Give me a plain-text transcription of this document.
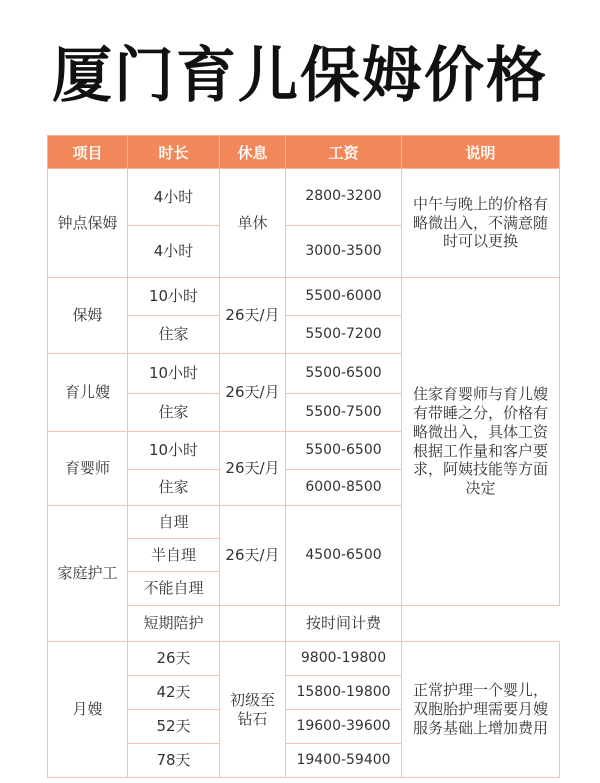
厦门育儿保姆价格
项目	时长	休息	工资	说明
钟点保姆	4小时	单休	2800-3200	中午与晚上的价格有略微出入，不满意随时可以更换
	4小时		3000-3500	
保姆	10小时	26天/月	5500-6000	住家育婴师与育儿嫂有带睡之分，价格有略微出入，具体工资根据工作量和客户要求，阿姨技能等方面决定
	住家		5500-7200	
育儿嫂	10小时	26天/月	5500-6500	
	住家		5500-7500	
育婴师	10小时	26天/月	5500-6500	
	住家		6000-8500	
家庭护工	自理	26天/月	4500-6500	
	半自理			
	不能自理			
	短期陪护		按时间计费	
月嫂	26天	初级至钻石	9800-19800	正常护理一个婴儿，双胞胎护理需要月嫂服务基础上增加费用
	42天		15800-19800	
	52天		19600-39600	
	78天		19400-59400	
